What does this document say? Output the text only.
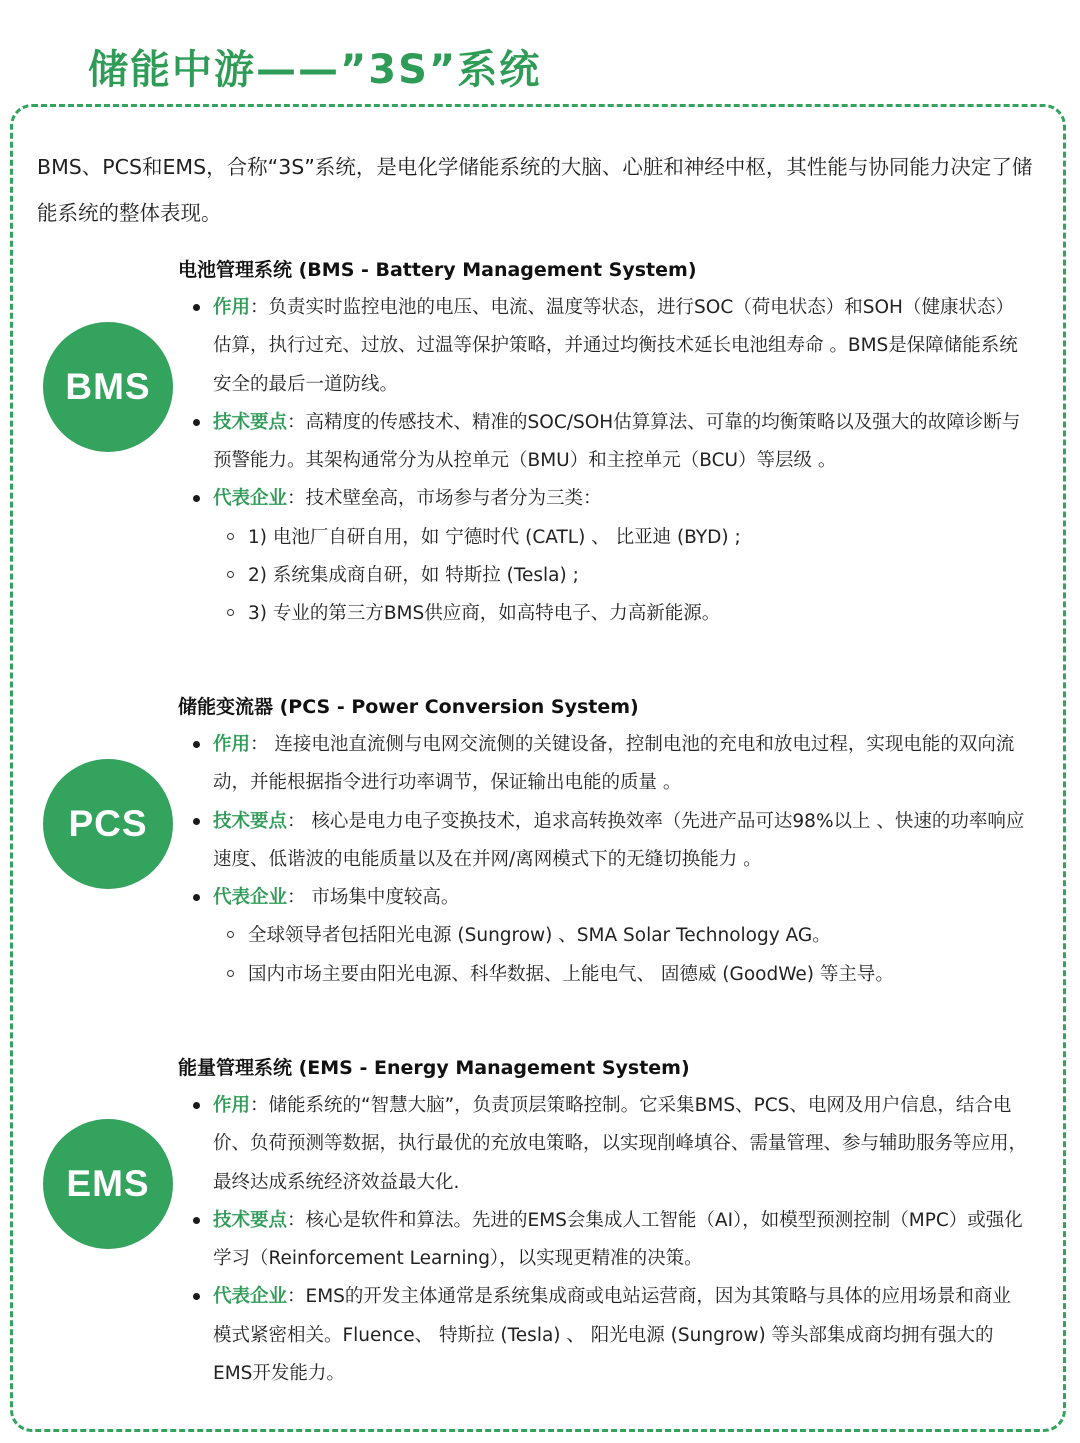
储能中游——”3S”系统
BMS、PCS和EMS，合称“3S”系统，是电化学储能系统的大脑、心脏和神经中枢，其性能与协同能力决定了储能系统的整体表现。
BMS
电池管理系统 (BMS - Battery Management System)
作用：负责实时监控电池的电压、电流、温度等状态，进行SOC（荷电状态）和SOH（健康状态）估算，执行过充、过放、过温等保护策略，并通过均衡技术延长电池组寿命 。BMS是保障储能系统安全的最后一道防线。
技术要点：高精度的传感技术、精准的SOC/SOH估算算法、可靠的均衡策略以及强大的故障诊断与预警能力。其架构通常分为从控单元（BMU）和主控单元（BCU）等层级 。
代表企业：技术壁垒高，市场参与者分为三类：
1) 电池厂自研自用，如 宁德时代 (CATL) 、 比亚迪 (BYD) ;
2) 系统集成商自研，如 特斯拉 (Tesla) ;
3) 专业的第三方BMS供应商，如高特电子、力高新能源。
PCS
储能变流器 (PCS - Power Conversion System)
作用： 连接电池直流侧与电网交流侧的关键设备，控制电池的充电和放电过程，实现电能的双向流动，并能根据指令进行功率调节，保证输出电能的质量 。
技术要点： 核心是电力电子变换技术，追求高转换效率（先进产品可达98%以上 、快速的功率响应速度、低谐波的电能质量以及在并网/离网模式下的无缝切换能力 。
代表企业： 市场集中度较高。
全球领导者包括阳光电源 (Sungrow) 、SMA Solar Technology AG。
国内市场主要由阳光电源、科华数据、上能电气、 固德威 (GoodWe) 等主导。
EMS
能量管理系统 (EMS - Energy Management System)
作用：储能系统的“智慧大脑”，负责顶层策略控制。它采集BMS、PCS、电网及用户信息，结合电价、负荷预测等数据，执行最优的充放电策略，以实现削峰填谷、需量管理、参与辅助服务等应用，最终达成系统经济效益最大化.
技术要点：核心是软件和算法。先进的EMS会集成人工智能（AI），如模型预测控制（MPC）或强化学习（Reinforcement Learning），以实现更精准的决策。
代表企业：EMS的开发主体通常是系统集成商或电站运营商，因为其策略与具体的应用场景和商业模式紧密相关。Fluence、 特斯拉 (Tesla) 、 阳光电源 (Sungrow) 等头部集成商均拥有强大的EMS开发能力。
